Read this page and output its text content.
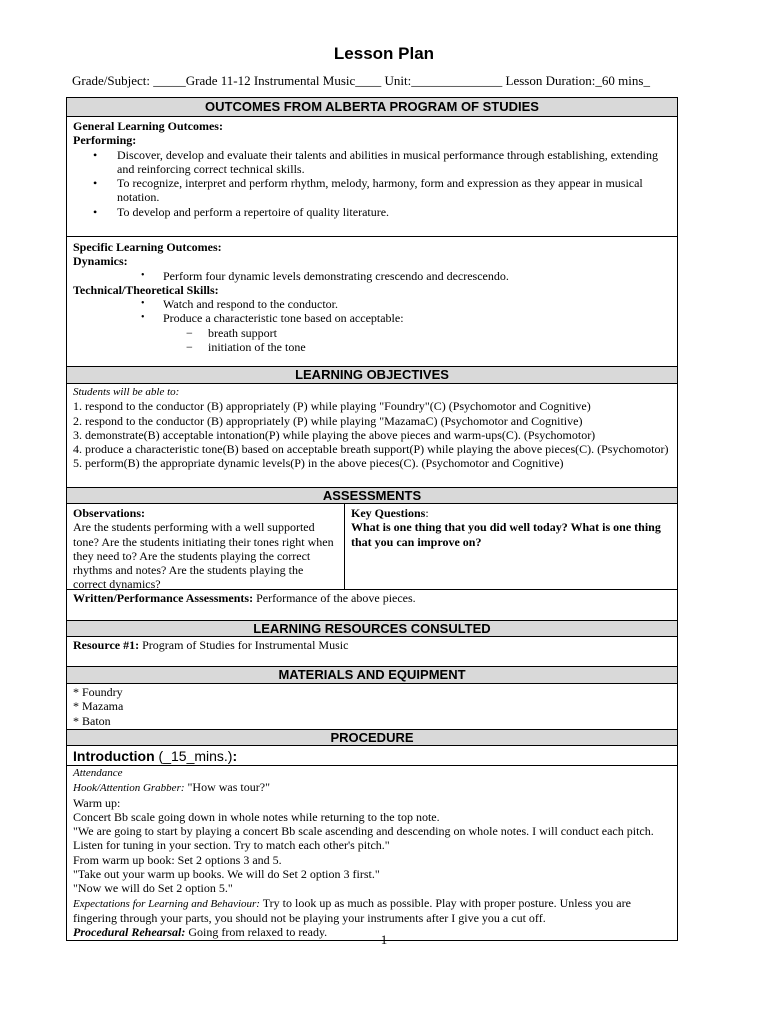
Lesson Plan
Grade/Subject: _____Grade 11-12 Instrumental Music____ Unit:______________ Lesson Duration:_60 mins_
OUTCOMES FROM ALBERTA PROGRAM OF STUDIES
General Learning Outcomes:
Performing:
• Discover, develop and evaluate their talents and abilities in musical performance through establishing, extending and reinforcing correct technical skills.
• To recognize, interpret and perform rhythm, melody, harmony, form and expression as they appear in musical notation.
• To develop and perform a repertoire of quality literature.
Specific Learning Outcomes:
Dynamics:
• Perform four dynamic levels demonstrating crescendo and decrescendo.
Technical/Theoretical Skills:
• Watch and respond to the conductor.
• Produce a characteristic tone based on acceptable:
− breath support
− initiation of the tone
LEARNING OBJECTIVES
Students will be able to:
1. respond to the conductor (B) appropriately (P) while playing "Foundry"(C) (Psychomotor and Cognitive)
2. respond to the conductor (B) appropriately (P) while playing "MazamaC) (Psychomotor and Cognitive)
3. demonstrate(B) acceptable intonation(P) while playing the above pieces and warm-ups(C). (Psychomotor)
4. produce a characteristic tone(B) based on acceptable breath support(P) while playing the above pieces(C). (Psychomotor)
5. perform(B) the appropriate dynamic levels(P) in the above pieces(C). (Psychomotor and Cognitive)
ASSESSMENTS
Observations:
Are the students performing with a well supported tone? Are the students initiating their tones right when they need to? Are the students playing the correct rhythms and notes? Are the students playing the correct dynamics?
Key Questions:
What is one thing that you did well today? What is one thing that you can improve on?
Written/Performance Assessments: Performance of the above pieces.
LEARNING RESOURCES CONSULTED
Resource #1: Program of Studies for Instrumental Music
MATERIALS AND EQUIPMENT
* Foundry
* Mazama
* Baton
PROCEDURE
Introduction (_15_mins.):
Attendance
Hook/Attention Grabber: "How was tour?"
Warm up:
Concert Bb scale going down in whole notes while returning to the top note.
"We are going to start by playing a concert Bb scale ascending and descending on whole notes. I will conduct each pitch. Listen for tuning in your section. Try to match each other's pitch."
From warm up book: Set 2 options 3 and 5.
"Take out your warm up books. We will do Set 2 option 3 first."
"Now we will do Set 2 option 5."
Expectations for Learning and Behaviour: Try to look up as much as possible. Play with proper posture. Unless you are fingering through your parts, you should not be playing your instruments after I give you a cut off.
Procedural Rehearsal: Going from relaxed to ready.	1
